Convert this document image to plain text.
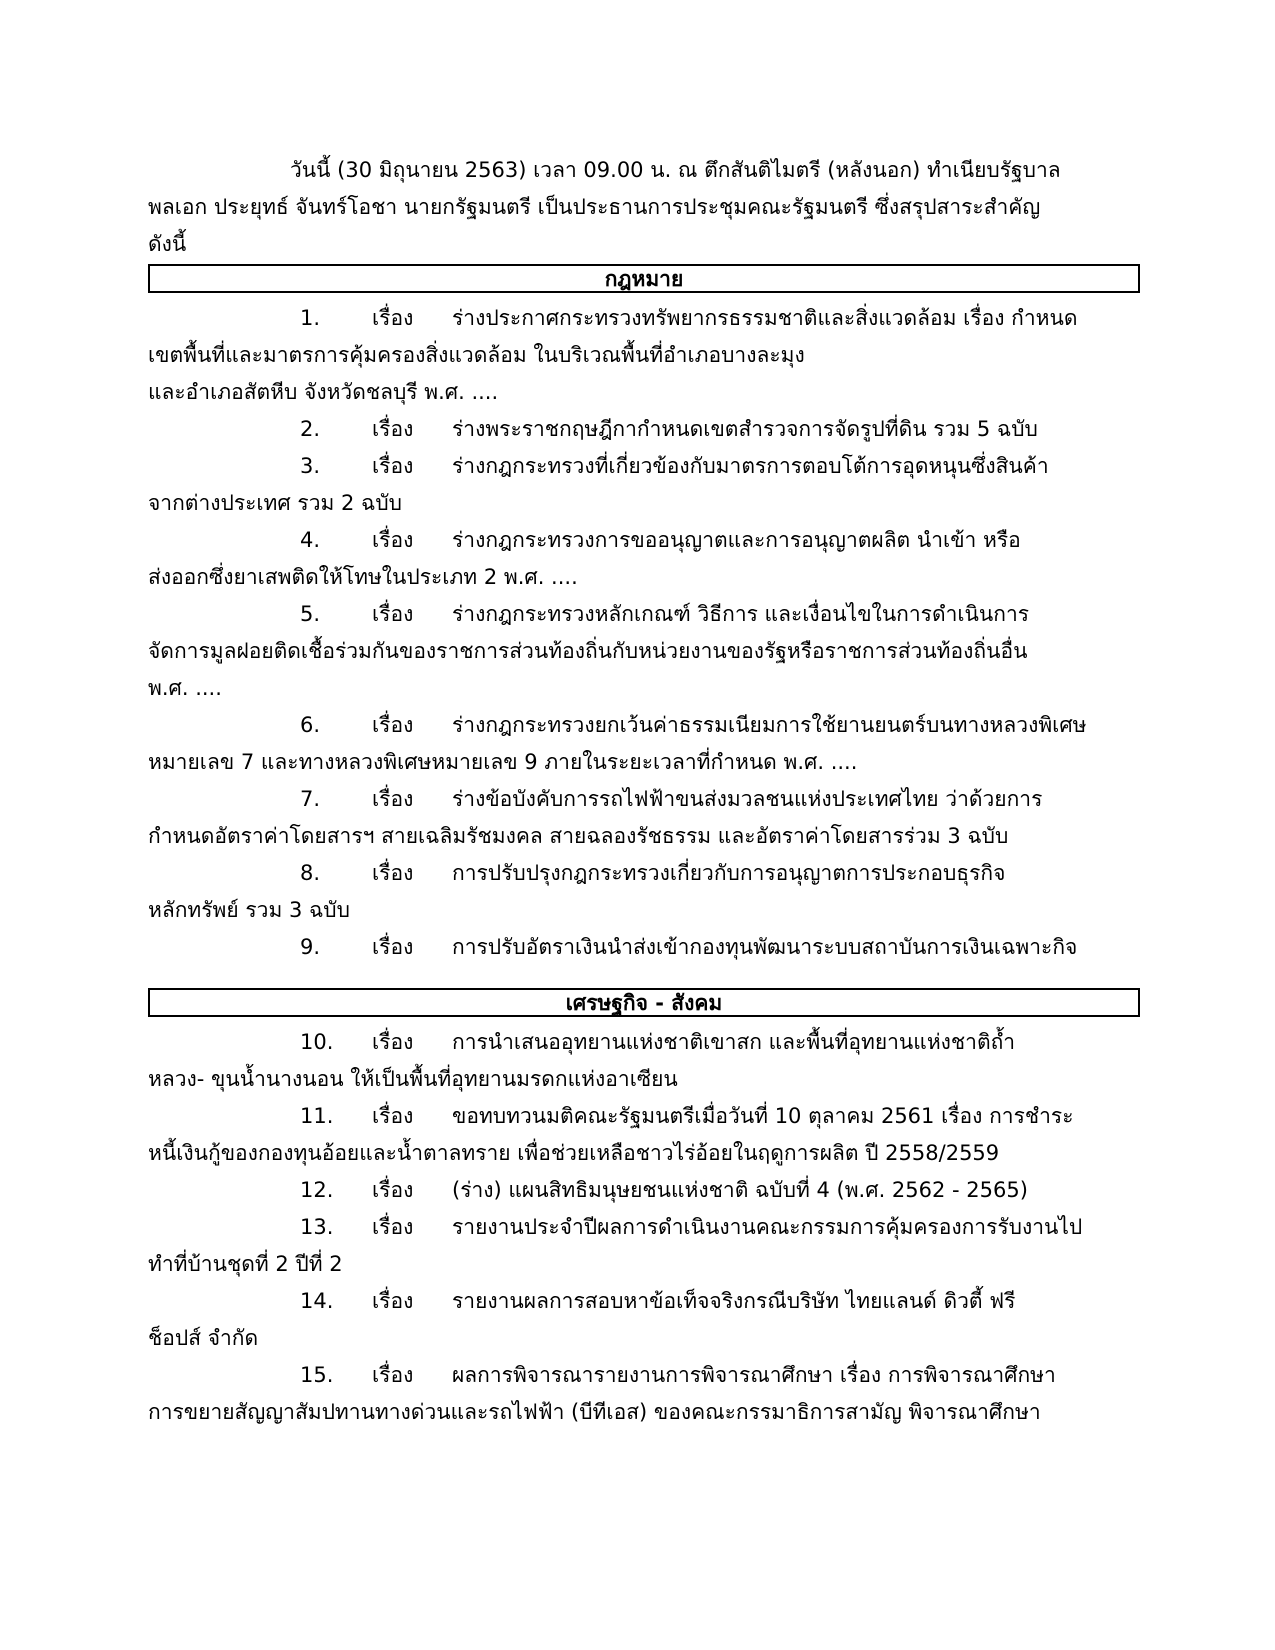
วันนี้ (30 มิถุนายน 2563) เวลา 09.00 น. ณ ตึกสันติไมตรี (หลังนอก) ทำเนียบรัฐบาล
พลเอก ประยุทธ์ จันทร์โอชา นายกรัฐมนตรี เป็นประธานการประชุมคณะรัฐมนตรี ซึ่งสรุปสาระสำคัญ
ดังนี้
กฎหมาย
1. เรื่อง ร่างประกาศกระทรวงทรัพยากรธรรมชาติและสิ่งแวดล้อม เรื่อง กำหนด
เขตพื้นที่และมาตรการคุ้มครองสิ่งแวดล้อม ในบริเวณพื้นที่อำเภอบางละมุง
และอำเภอสัตหีบ จังหวัดชลบุรี พ.ศ. ....
2. เรื่อง ร่างพระราชกฤษฎีกากำหนดเขตสำรวจการจัดรูปที่ดิน รวม 5 ฉบับ
3. เรื่อง ร่างกฎกระทรวงที่เกี่ยวข้องกับมาตรการตอบโต้การอุดหนุนซึ่งสินค้า
จากต่างประเทศ รวม 2 ฉบับ
4. เรื่อง ร่างกฎกระทรวงการขออนุญาตและการอนุญาตผลิต นำเข้า หรือ
ส่งออกซึ่งยาเสพติดให้โทษในประเภท 2 พ.ศ. ....
5. เรื่อง ร่างกฎกระทรวงหลักเกณฑ์ วิธีการ และเงื่อนไขในการดำเนินการ
จัดการมูลฝอยติดเชื้อร่วมกันของราชการส่วนท้องถิ่นกับหน่วยงานของรัฐหรือราชการส่วนท้องถิ่นอื่น
พ.ศ. ....
6. เรื่อง ร่างกฎกระทรวงยกเว้นค่าธรรมเนียมการใช้ยานยนตร์บนทางหลวงพิเศษ
หมายเลข 7 และทางหลวงพิเศษหมายเลข 9 ภายในระยะเวลาที่กำหนด พ.ศ. ....
7. เรื่อง ร่างข้อบังคับการรถไฟฟ้าขนส่งมวลชนแห่งประเทศไทย ว่าด้วยการ
กำหนดอัตราค่าโดยสารฯ สายเฉลิมรัชมงคล สายฉลองรัชธรรม และอัตราค่าโดยสารร่วม 3 ฉบับ
8. เรื่อง การปรับปรุงกฎกระทรวงเกี่ยวกับการอนุญาตการประกอบธุรกิจ
หลักทรัพย์ รวม 3 ฉบับ
9. เรื่อง การปรับอัตราเงินนำส่งเข้ากองทุนพัฒนาระบบสถาบันการเงินเฉพาะกิจ
เศรษฐกิจ - สังคม
10. เรื่อง การนำเสนออุทยานแห่งชาติเขาสก และพื้นที่อุทยานแห่งชาติถ้ำ
หลวง- ขุนน้ำนางนอน ให้เป็นพื้นที่อุทยานมรดกแห่งอาเซียน
11. เรื่อง ขอทบทวนมติคณะรัฐมนตรีเมื่อวันที่ 10 ตุลาคม 2561 เรื่อง การชำระ
หนี้เงินกู้ของกองทุนอ้อยและน้ำตาลทราย เพื่อช่วยเหลือชาวไร่อ้อยในฤดูการผลิต ปี 2558/2559
12. เรื่อง (ร่าง) แผนสิทธิมนุษยชนแห่งชาติ ฉบับที่ 4 (พ.ศ. 2562 - 2565)
13. เรื่อง รายงานประจำปีผลการดำเนินงานคณะกรรมการคุ้มครองการรับงานไป
ทำที่บ้านชุดที่ 2 ปีที่ 2
14. เรื่อง รายงานผลการสอบหาข้อเท็จจริงกรณีบริษัท ไทยแลนด์ ดิวตี้ ฟรี
ช็อปส์ จำกัด
15. เรื่อง ผลการพิจารณารายงานการพิจารณาศึกษา เรื่อง การพิจารณาศึกษา
การขยายสัญญาสัมปทานทางด่วนและรถไฟฟ้า (บีทีเอส) ของคณะกรรมาธิการสามัญ พิจารณาศึกษา
